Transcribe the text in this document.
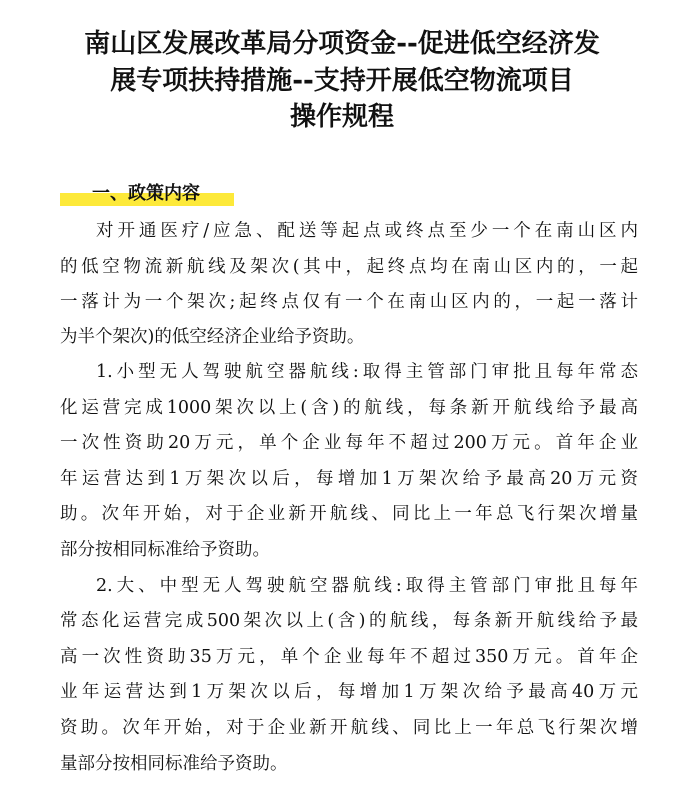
南山区发展改革局分项资金--促进低空经济发
展专项扶持措施--支持开展低空物流项目
操作规程
一、政策内容
对开通医疗/应急、配送等起点或终点至少一个在南山区内
的低空物流新航线及架次(其中，起终点均在南山区内的，一起
一落计为一个架次;起终点仅有一个在南山区内的，一起一落计
为半个架次)的低空经济企业给予资助。
1.小型无人驾驶航空器航线:取得主管部门审批且每年常态
化运营完成1000架次以上(含)的航线，每条新开航线给予最高
一次性资助20万元，单个企业每年不超过200万元。首年企业
年运营达到1万架次以后，每增加1万架次给予最高20万元资
助。次年开始，对于企业新开航线、同比上一年总飞行架次增量
部分按相同标准给予资助。
2.大、中型无人驾驶航空器航线:取得主管部门审批且每年
常态化运营完成500架次以上(含)的航线，每条新开航线给予最
高一次性资助35万元，单个企业每年不超过350万元。首年企
业年运营达到1万架次以后，每增加1万架次给予最高40万元
资助。次年开始，对于企业新开航线、同比上一年总飞行架次增
量部分按相同标准给予资助。
